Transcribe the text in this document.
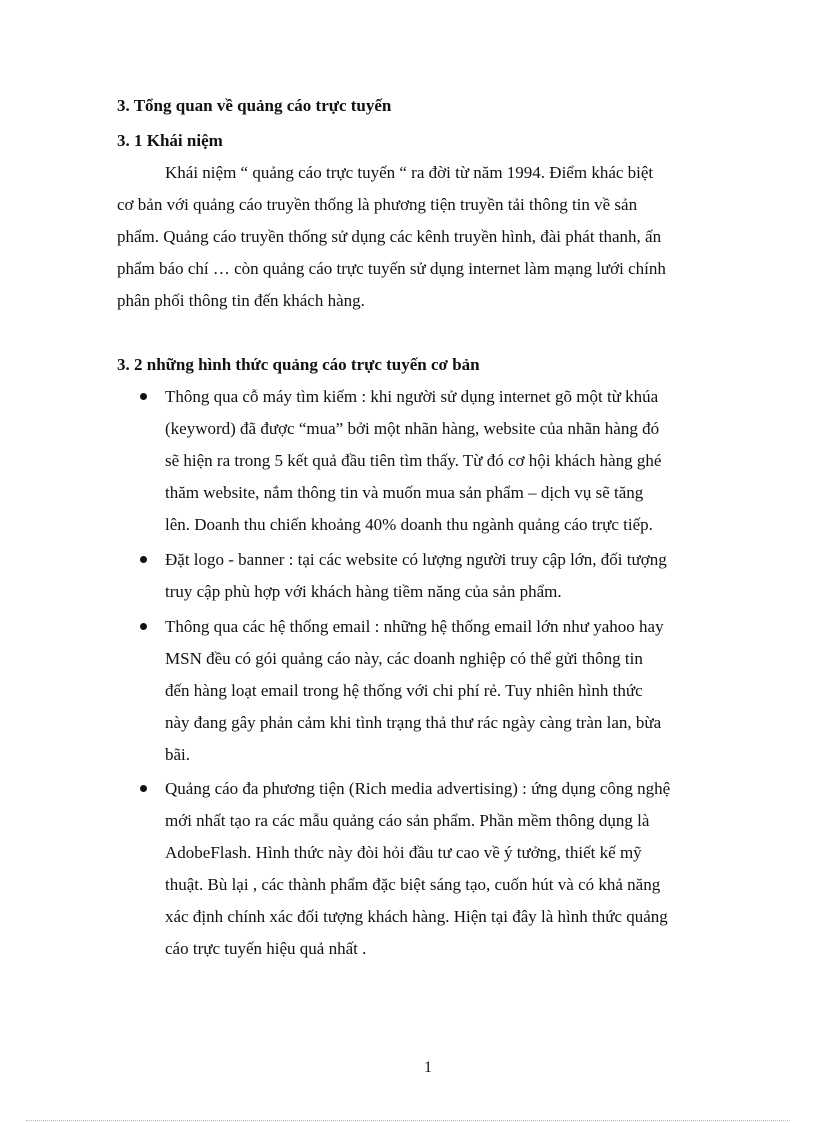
3. Tổng quan về quảng cáo trực tuyến
3. 1 Khái niệm
Khái niệm “ quảng cáo trực tuyến “ ra đời từ năm 1994. Điểm khác biệt
cơ bản với quảng cáo truyền thống là phương tiện truyền tải thông tin về sản
phẩm. Quảng cáo truyền thống sử dụng các kênh truyền hình, đài phát thanh, ấn
phẩm báo chí … còn quảng cáo trực tuyến sử dụng internet làm mạng lưới chính
phân phối thông tin đến khách hàng.
3. 2 những hình thức quảng cáo trực tuyến cơ bản
Thông qua cỗ máy tìm kiếm : khi người sử dụng internet gõ một từ khúa
(keyword) đã được “mua” bởi một nhãn hàng, website của nhãn hàng đó
sẽ hiện ra trong 5 kết quả đầu tiên tìm thấy. Từ đó cơ hội khách hàng ghé
thăm website, nắm thông tin và muốn mua sản phẩm – dịch vụ sẽ tăng
lên. Doanh thu chiến khoảng 40% doanh thu ngành quảng cáo trực tiếp.
Đặt logo - banner : tại các website có lượng người truy cập lớn, đối tượng
truy cập phù hợp với khách hàng tiềm năng của sản phẩm.
Thông qua các hệ thống email : những hệ thống email lớn như yahoo hay
MSN đều có gói quảng cáo này, các doanh nghiệp có thể gửi thông tin
đến hàng loạt email trong hệ thống với chi phí rẻ. Tuy nhiên hình thức
này đang gây phản cảm khi tình trạng thả thư rác ngày càng tràn lan, bừa
bãi.
Quảng cáo đa phương tiện (Rich media advertising) : ứng dụng công nghệ
mới nhất tạo ra các mẫu quảng cáo sản phẩm. Phần mềm thông dụng là
AdobeFlash. Hình thức này đòi hỏi đầu tư cao về ý tưởng, thiết kế mỹ
thuật. Bù lại , các thành phẩm đặc biệt sáng tạo, cuốn hút và có khả năng
xác định chính xác đối tượng khách hàng. Hiện tại đây là hình thức quảng
cáo trực tuyến hiệu quả nhất .
1
